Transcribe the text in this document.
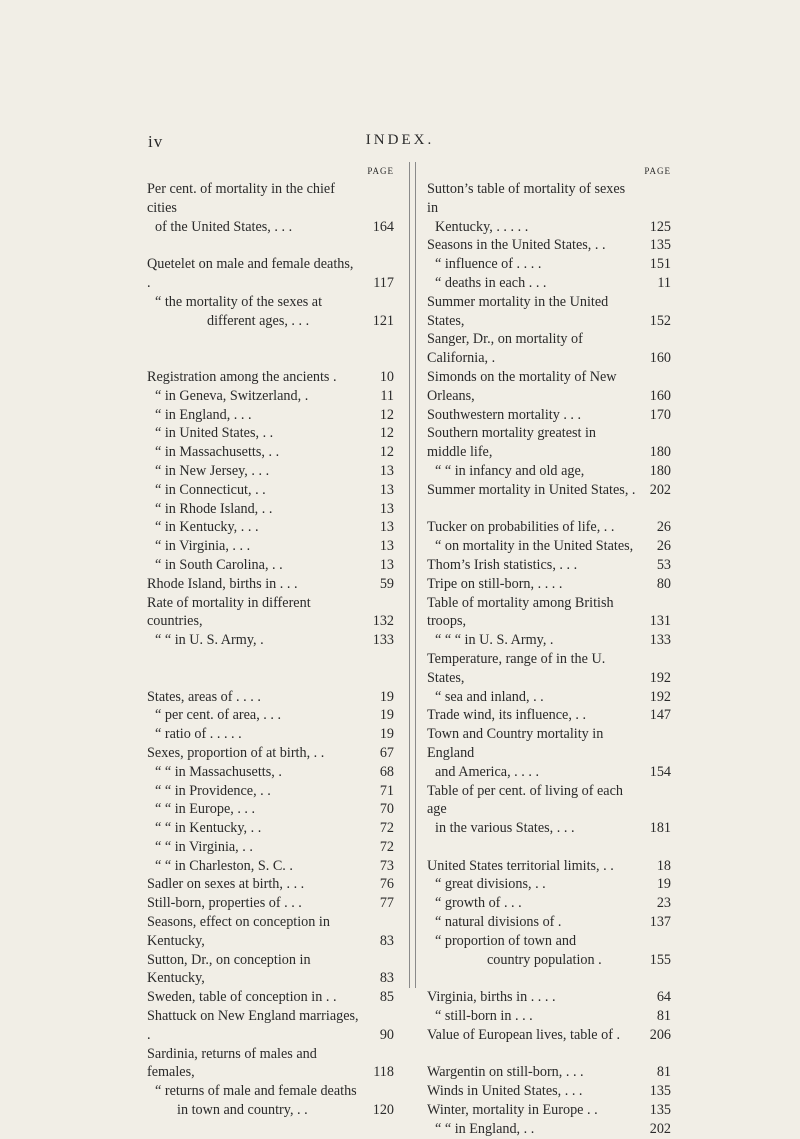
iv	INDEX.
PAGE
Per cent. of mortality in the chief cities
of the United States, . . .	164
Quetelet on male and female deaths, .	117
“ the mortality of the sexes at
different ages, . . .	121
Registration among the ancients .	10
“ in Geneva, Switzerland, .	11
“ in England, . . .	12
“ in United States, . .	12
“ in Massachusetts, . .	12
“ in New Jersey, . . .	13
“ in Connecticut, . .	13
“ in Rhode Island, . .	13
“ in Kentucky, . . .	13
“ in Virginia, . . .	13
“ in South Carolina, . .	13
Rhode Island, births in . . .	59
Rate of mortality in different countries,	132
“ “ in U. S. Army, .	133
States, areas of . . . .	19
“ per cent. of area, . . .	19
“ ratio of . . . . .	19
Sexes, proportion of at birth, . .	67
“ “ in Massachusetts, .	68
“ “ in Providence, . .	71
“ “ in Europe, . . .	70
“ “ in Kentucky, . .	72
“ “ in Virginia, . .	72
“ “ in Charleston, S. C. .	73
Sadler on sexes at birth, . . .	76
Still-born, properties of . . .	77
Seasons, effect on conception in Kentucky,	83
Sutton, Dr., on conception in Kentucky,	83
Sweden, table of conception in . .	85
Shattuck on New England marriages, .	90
Sardinia, returns of males and females,	118
“ returns of male and female deaths
in town and country, . .	120
PAGE
Sutton’s table of mortality of sexes in
Kentucky, . . . . .	125
Seasons in the United States, . .	135
“ influence of . . . .	151
“ deaths in each . . .	11
Summer mortality in the United States,	152
Sanger, Dr., on mortality of California, .	160
Simonds on the mortality of New Orleans,	160
Southwestern mortality . . .	170
Southern mortality greatest in middle life,	180
“ “ in infancy and old age,	180
Summer mortality in United States, .	202
Tucker on probabilities of life, . .	26
“ on mortality in the United States,	26
Thom’s Irish statistics, . . .	53
Tripe on still-born, . . . .	80
Table of mortality among British troops,	131
“ “ “ in U. S. Army, .	133
Temperature, range of in the U. States,	192
“ sea and inland, . .	192
Trade wind, its influence, . .	147
Town and Country mortality in England
and America, . . . .	154
Table of per cent. of living of each age
in the various States, . . .	181
United States territorial limits, . .	18
“ great divisions, . .	19
“ growth of . . .	23
“ natural divisions of .	137
“ proportion of town and
country population .	155
Virginia, births in . . . .	64
“ still-born in . . .	81
Value of European lives, table of .	206
Wargentin on still-born, . . .	81
Winds in United States, . . .	135
Winter, mortality in Europe . .	135
“ “ in England, . .	202
